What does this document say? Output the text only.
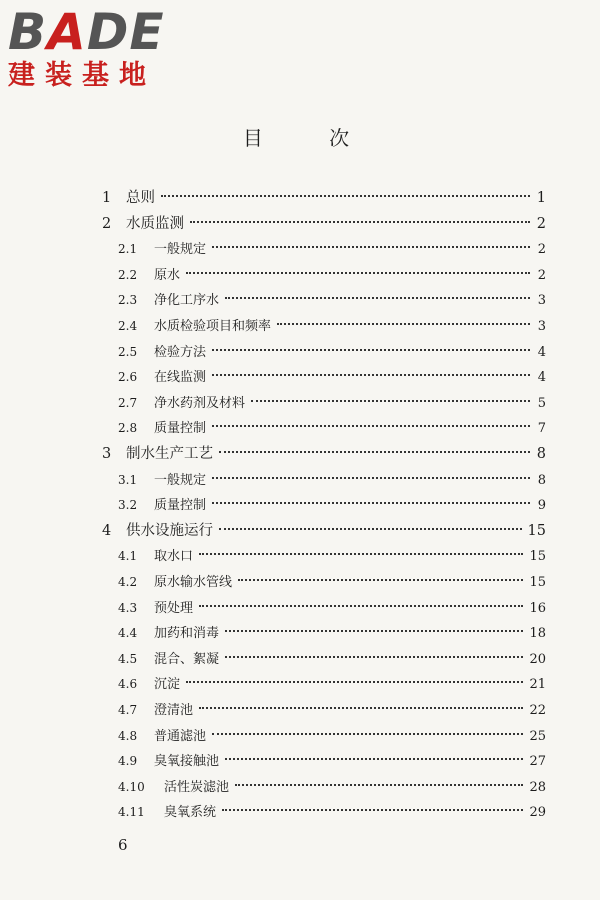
BADE
建装基地
目 次
1	总则	1
2	水质监测	2
2.1	一般规定	2
2.2	原水	2
2.3	净化工序水	3
2.4	水质检验项目和频率	3
2.5	检验方法	4
2.6	在线监测	4
2.7	净水药剂及材料	5
2.8	质量控制	7
3	制水生产工艺	8
3.1	一般规定	8
3.2	质量控制	9
4	供水设施运行	15
4.1	取水口	15
4.2	原水输水管线	15
4.3	预处理	16
4.4	加药和消毒	18
4.5	混合、絮凝	20
4.6	沉淀	21
4.7	澄清池	22
4.8	普通滤池	25
4.9	臭氧接触池	27
4.10	活性炭滤池	28
4.11	臭氧系统	29
6
